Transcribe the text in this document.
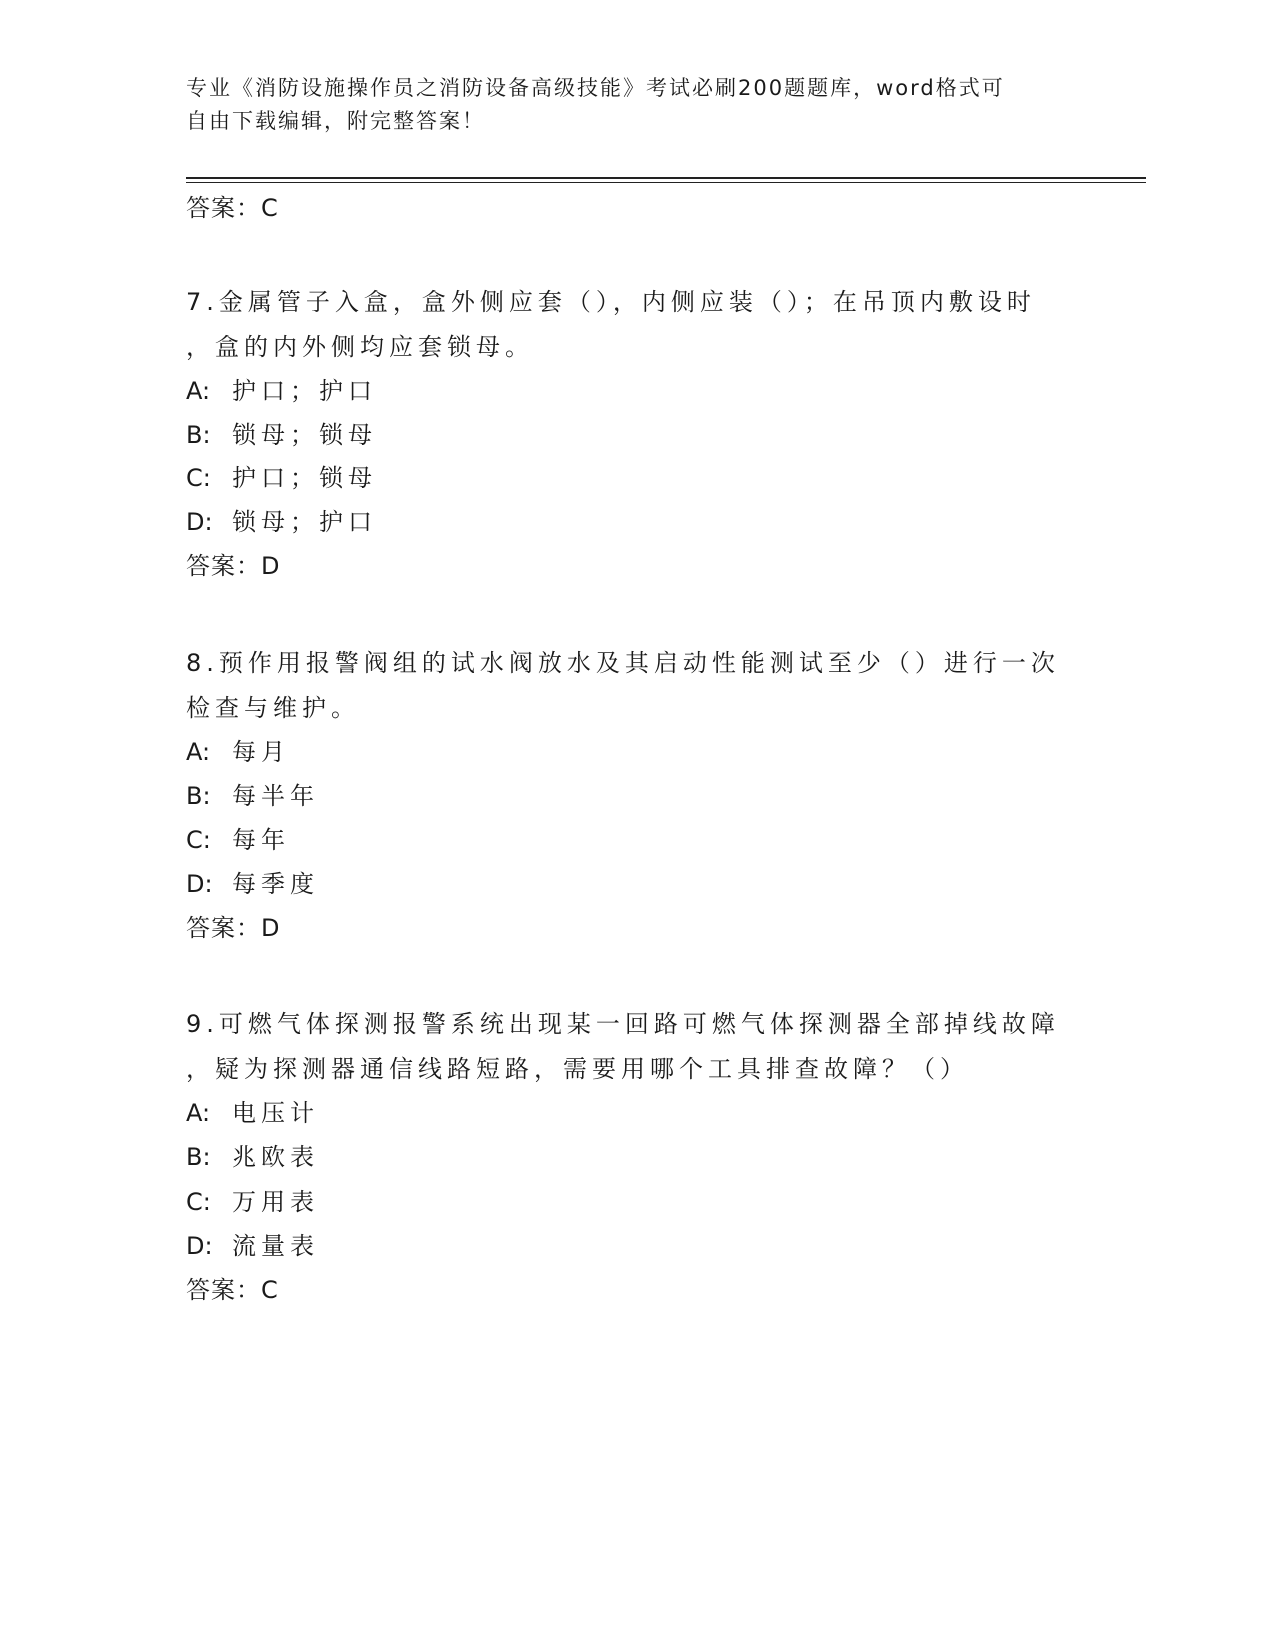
专业《消防设施操作员之消防设备高级技能》考试必刷200题题库，word格式可
自由下载编辑，附完整答案！
答案：C
7.金属管子入盒，盒外侧应套（），内侧应装（）；在吊顶内敷设时
，盒的内外侧均应套锁母。
A: 护口；护口
B: 锁母；锁母
C: 护口；锁母
D: 锁母；护口
答案：D
8.预作用报警阀组的试水阀放水及其启动性能测试至少（）进行一次
检查与维护。
A: 每月
B: 每半年
C: 每年
D: 每季度
答案：D
9.可燃气体探测报警系统出现某一回路可燃气体探测器全部掉线故障
，疑为探测器通信线路短路，需要用哪个工具排查故障？（）
A: 电压计
B: 兆欧表
C: 万用表
D: 流量表
答案：C
